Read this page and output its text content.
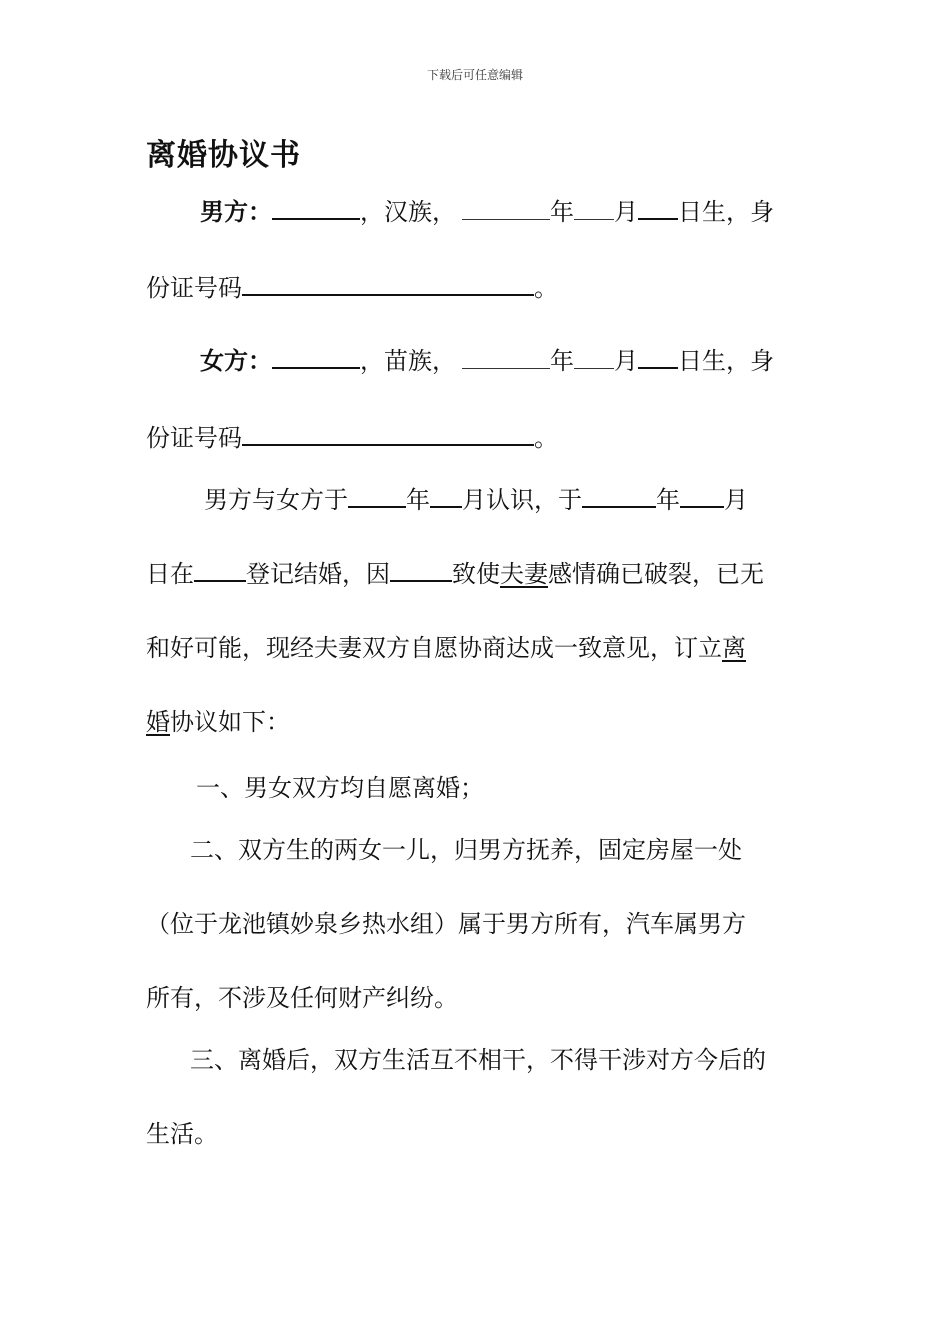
下载后可任意编辑
离婚协议书
男方：	，汉族，	年 月 日生，身
份证号码	。
女方：	，苗族，	年 月 日生，身
份证号码	。
男方与女方于 年 月认识，于	年 月
日在 登记结婚，因	致使夫妻感情确已破裂，已无
和好可能，现经夫妻双方自愿协商达成一致意见，订立离
婚协议如下：
一、男女双方均自愿离婚；
二、双方生的两女一儿，归男方抚养，固定房屋一处
（位于龙池镇妙泉乡热水组）属于男方所有，汽车属男方
所有，不涉及任何财产纠纷。
三、离婚后，双方生活互不相干，不得干涉对方今后的
生活。
